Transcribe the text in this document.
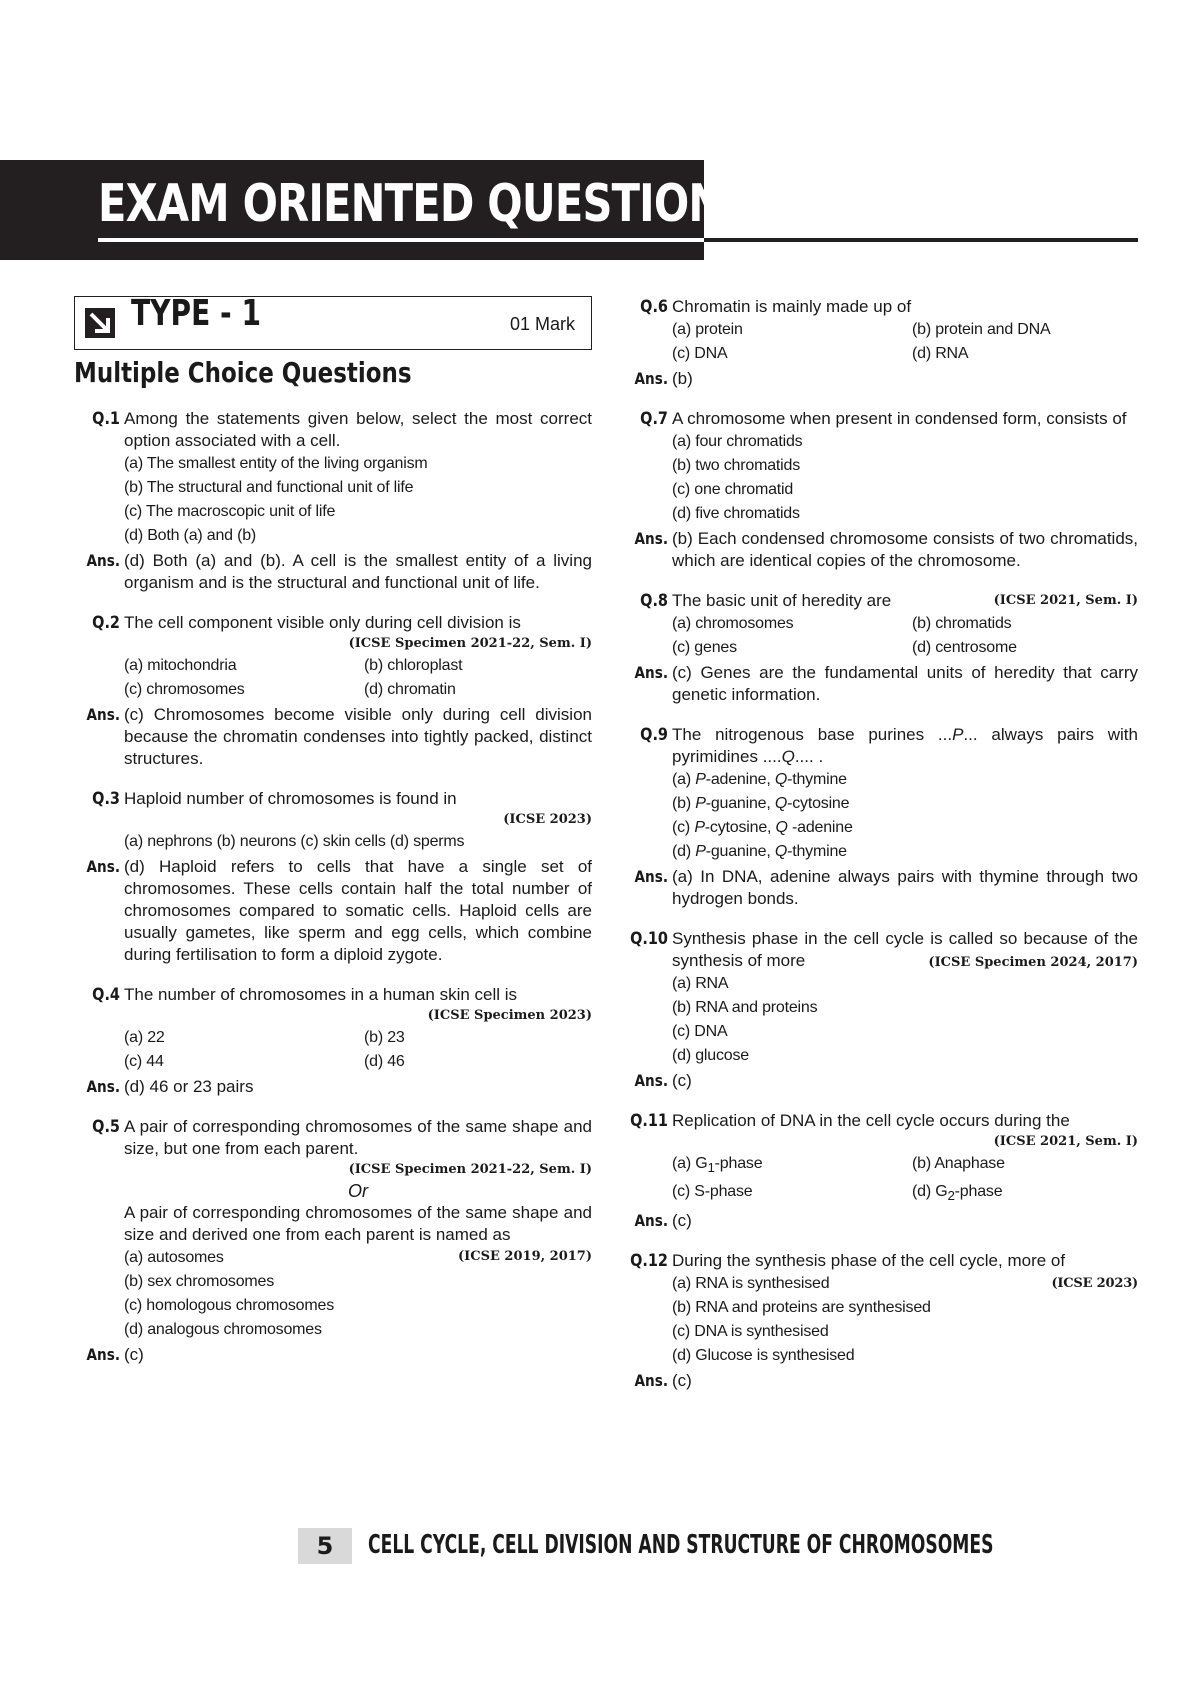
EXAM ORIENTED QUESTIONS
TYPE - 1	01 Mark
Multiple Choice Questions
Q.1 Among the statements given below, select the most correct option associated with a cell.
(a) The smallest entity of the living organism
(b) The structural and functional unit of life
(c) The macroscopic unit of life
(d) Both (a) and (b)
Ans. (d) Both (a) and (b). A cell is the smallest entity of a living organism and is the structural and functional unit of life.
Q.2 The cell component visible only during cell division is
(ICSE Specimen 2021-22, Sem. I)
(a) mitochondria	(b) chloroplast
(c) chromosomes	(d) chromatin
Ans. (c) Chromosomes become visible only during cell division because the chromatin condenses into tightly packed, distinct structures.
Q.3 Haploid number of chromosomes is found in
(ICSE 2023)
(a) nephrons (b) neurons (c) skin cells (d) sperms
Ans. (d) Haploid refers to cells that have a single set of chromosomes. These cells contain half the total number of chromosomes compared to somatic cells. Haploid cells are usually gametes, like sperm and egg cells, which combine during fertilisation to form a diploid zygote.
Q.4 The number of chromosomes in a human skin cell is
(ICSE Specimen 2023)
(a) 22	(b) 23
(c) 44	(d) 46
Ans. (d) 46 or 23 pairs
Q.5 A pair of corresponding chromosomes of the same shape and size, but one from each parent.
(ICSE Specimen 2021-22, Sem. I)
Or
A pair of corresponding chromosomes of the same shape and size and derived one from each parent is named as
(ICSE 2019, 2017)
(a) autosomes
(b) sex chromosomes
(c) homologous chromosomes
(d) analogous chromosomes
Ans. (c)
Q.6 Chromatin is mainly made up of
(a) protein	(b) protein and DNA
(c) DNA	(d) RNA
Ans. (b)
Q.7 A chromosome when present in condensed form, consists of
(a) four chromatids
(b) two chromatids
(c) one chromatid
(d) five chromatids
Ans. (b) Each condensed chromosome consists of two chromatids, which are identical copies of the chromosome.
Q.8 The basic unit of heredity are	(ICSE 2021, Sem. I)
(a) chromosomes	(b) chromatids
(c) genes	(d) centrosome
Ans. (c) Genes are the fundamental units of heredity that carry genetic information.
Q.9 The nitrogenous base purines ...P... always pairs with pyrimidines ....Q.... .
(a) P-adenine, Q-thymine
(b) P-guanine, Q-cytosine
(c) P-cytosine, Q -adenine
(d) P-guanine, Q-thymine
Ans. (a) In DNA, adenine always pairs with thymine through two hydrogen bonds.
Q.10 Synthesis phase in the cell cycle is called so because of the synthesis of more	(ICSE Specimen 2024, 2017)
(a) RNA
(b) RNA and proteins
(c) DNA
(d) glucose
Ans. (c)
Q.11 Replication of DNA in the cell cycle occurs during the
(ICSE 2021, Sem. I)
(a) $G_1$-phase	(b) Anaphase
(c) S-phase	(d) $G_2$-phase
Ans. (c)
Q.12 During the synthesis phase of the cell cycle, more of
(a) RNA is synthesised	(ICSE 2023)
(b) RNA and proteins are synthesised
(c) DNA is synthesised
(d) Glucose is synthesised
Ans. (c)
5	CELL CYCLE, CELL DIVISION AND STRUCTURE OF CHROMOSOMES
